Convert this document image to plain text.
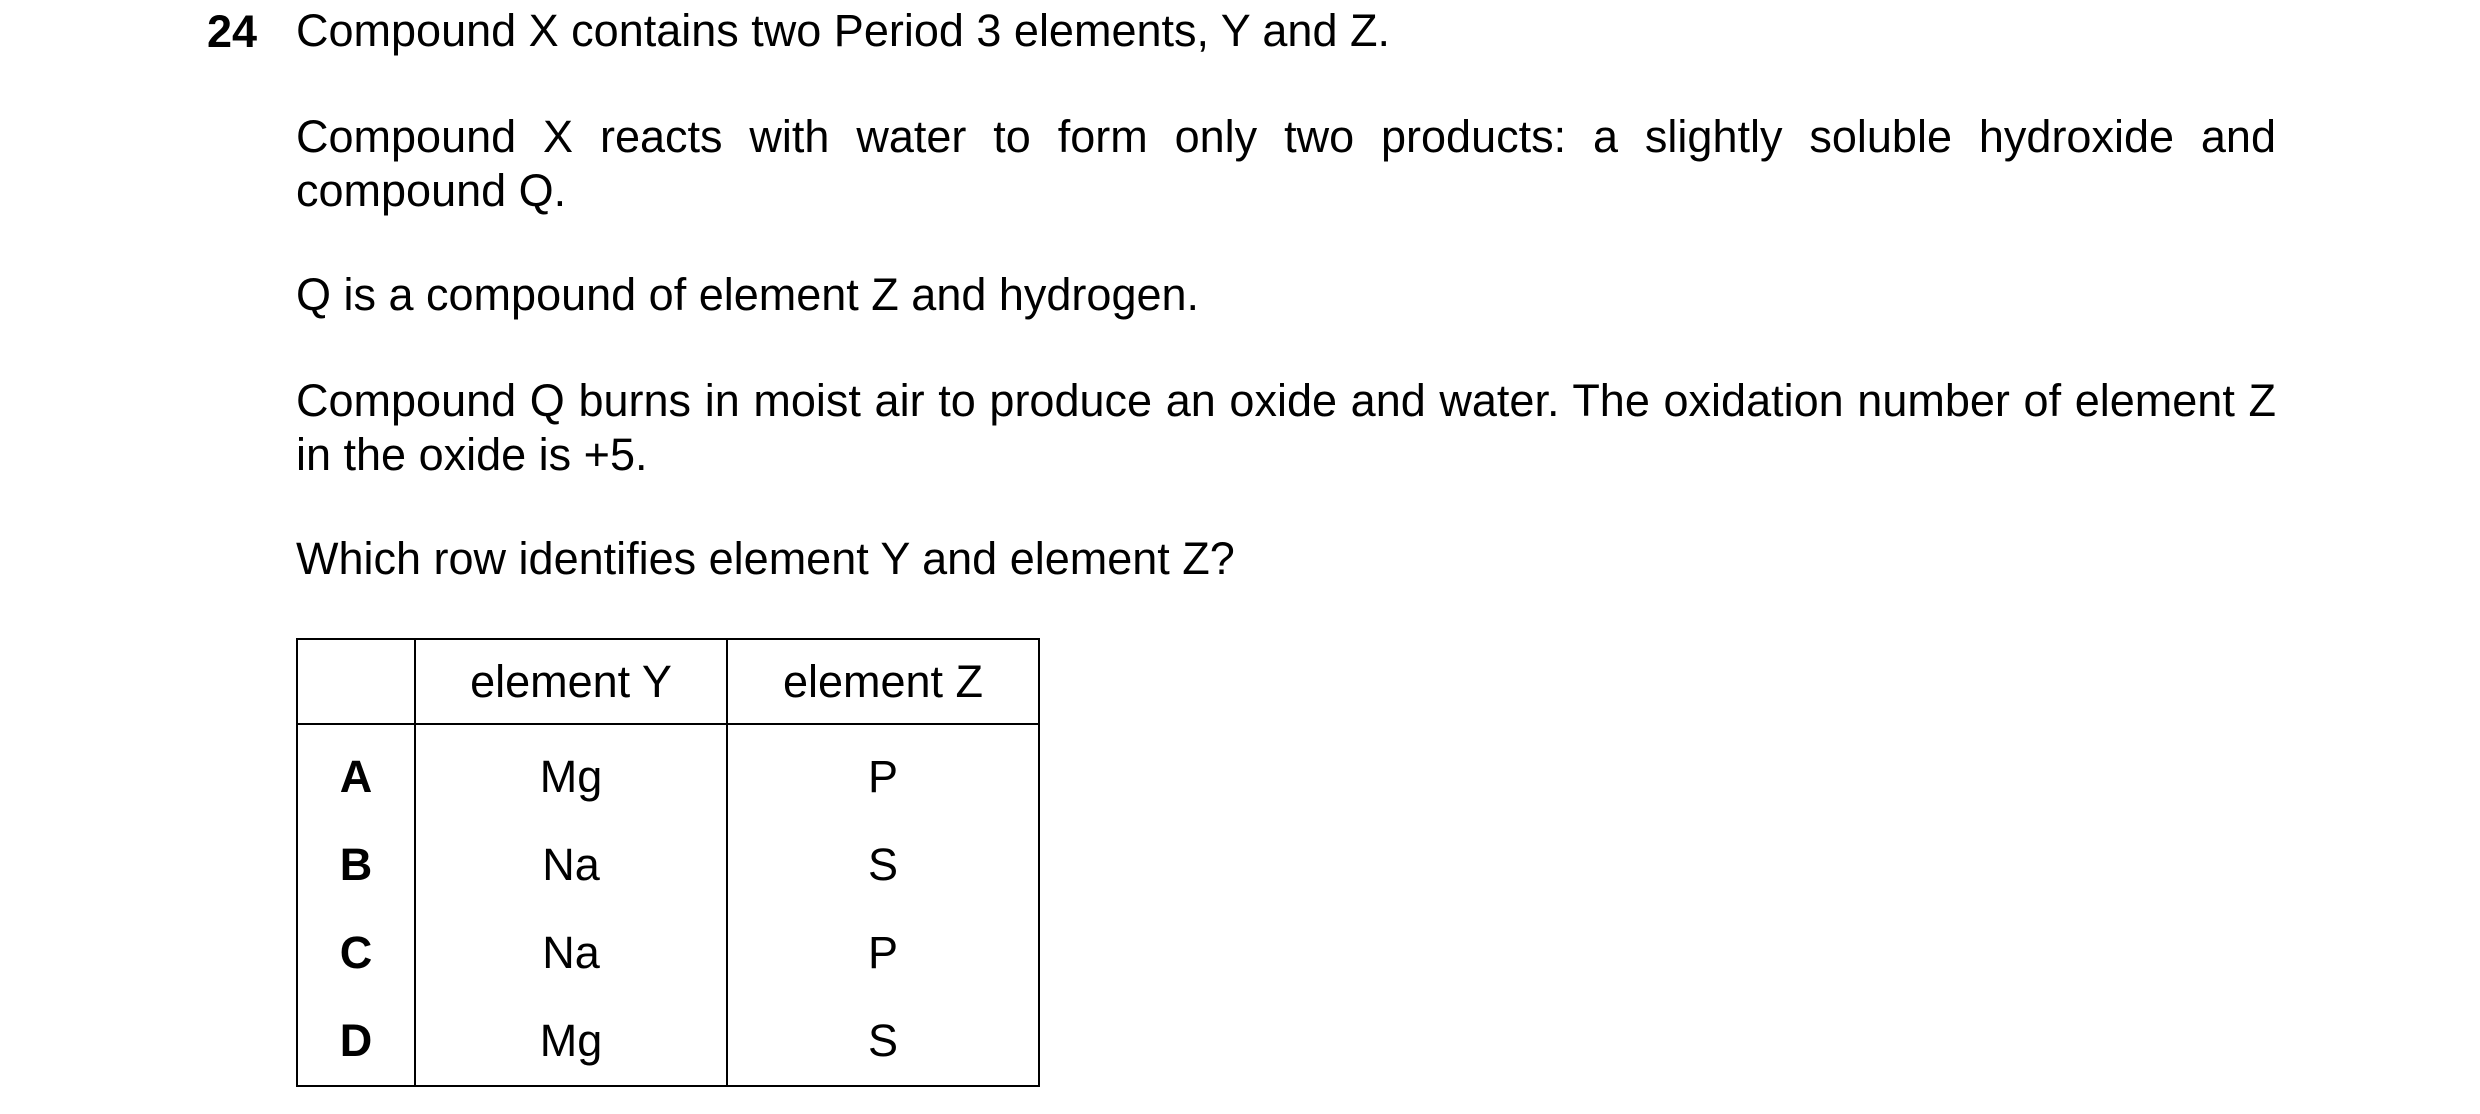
24 Compound X contains two Period 3 elements, Y and Z.
Compound X reacts with water to form only two products: a slightly soluble hydroxide and compound Q.
Q is a compound of element Z and hydrogen.
Compound Q burns in moist air to produce an oxide and water. The oxidation number of element Z in the oxide is +5.
Which row identifies element Y and element Z?
	element Y	element Z
A	Mg	P
B	Na	S
C	Na	P
D	Mg	S
